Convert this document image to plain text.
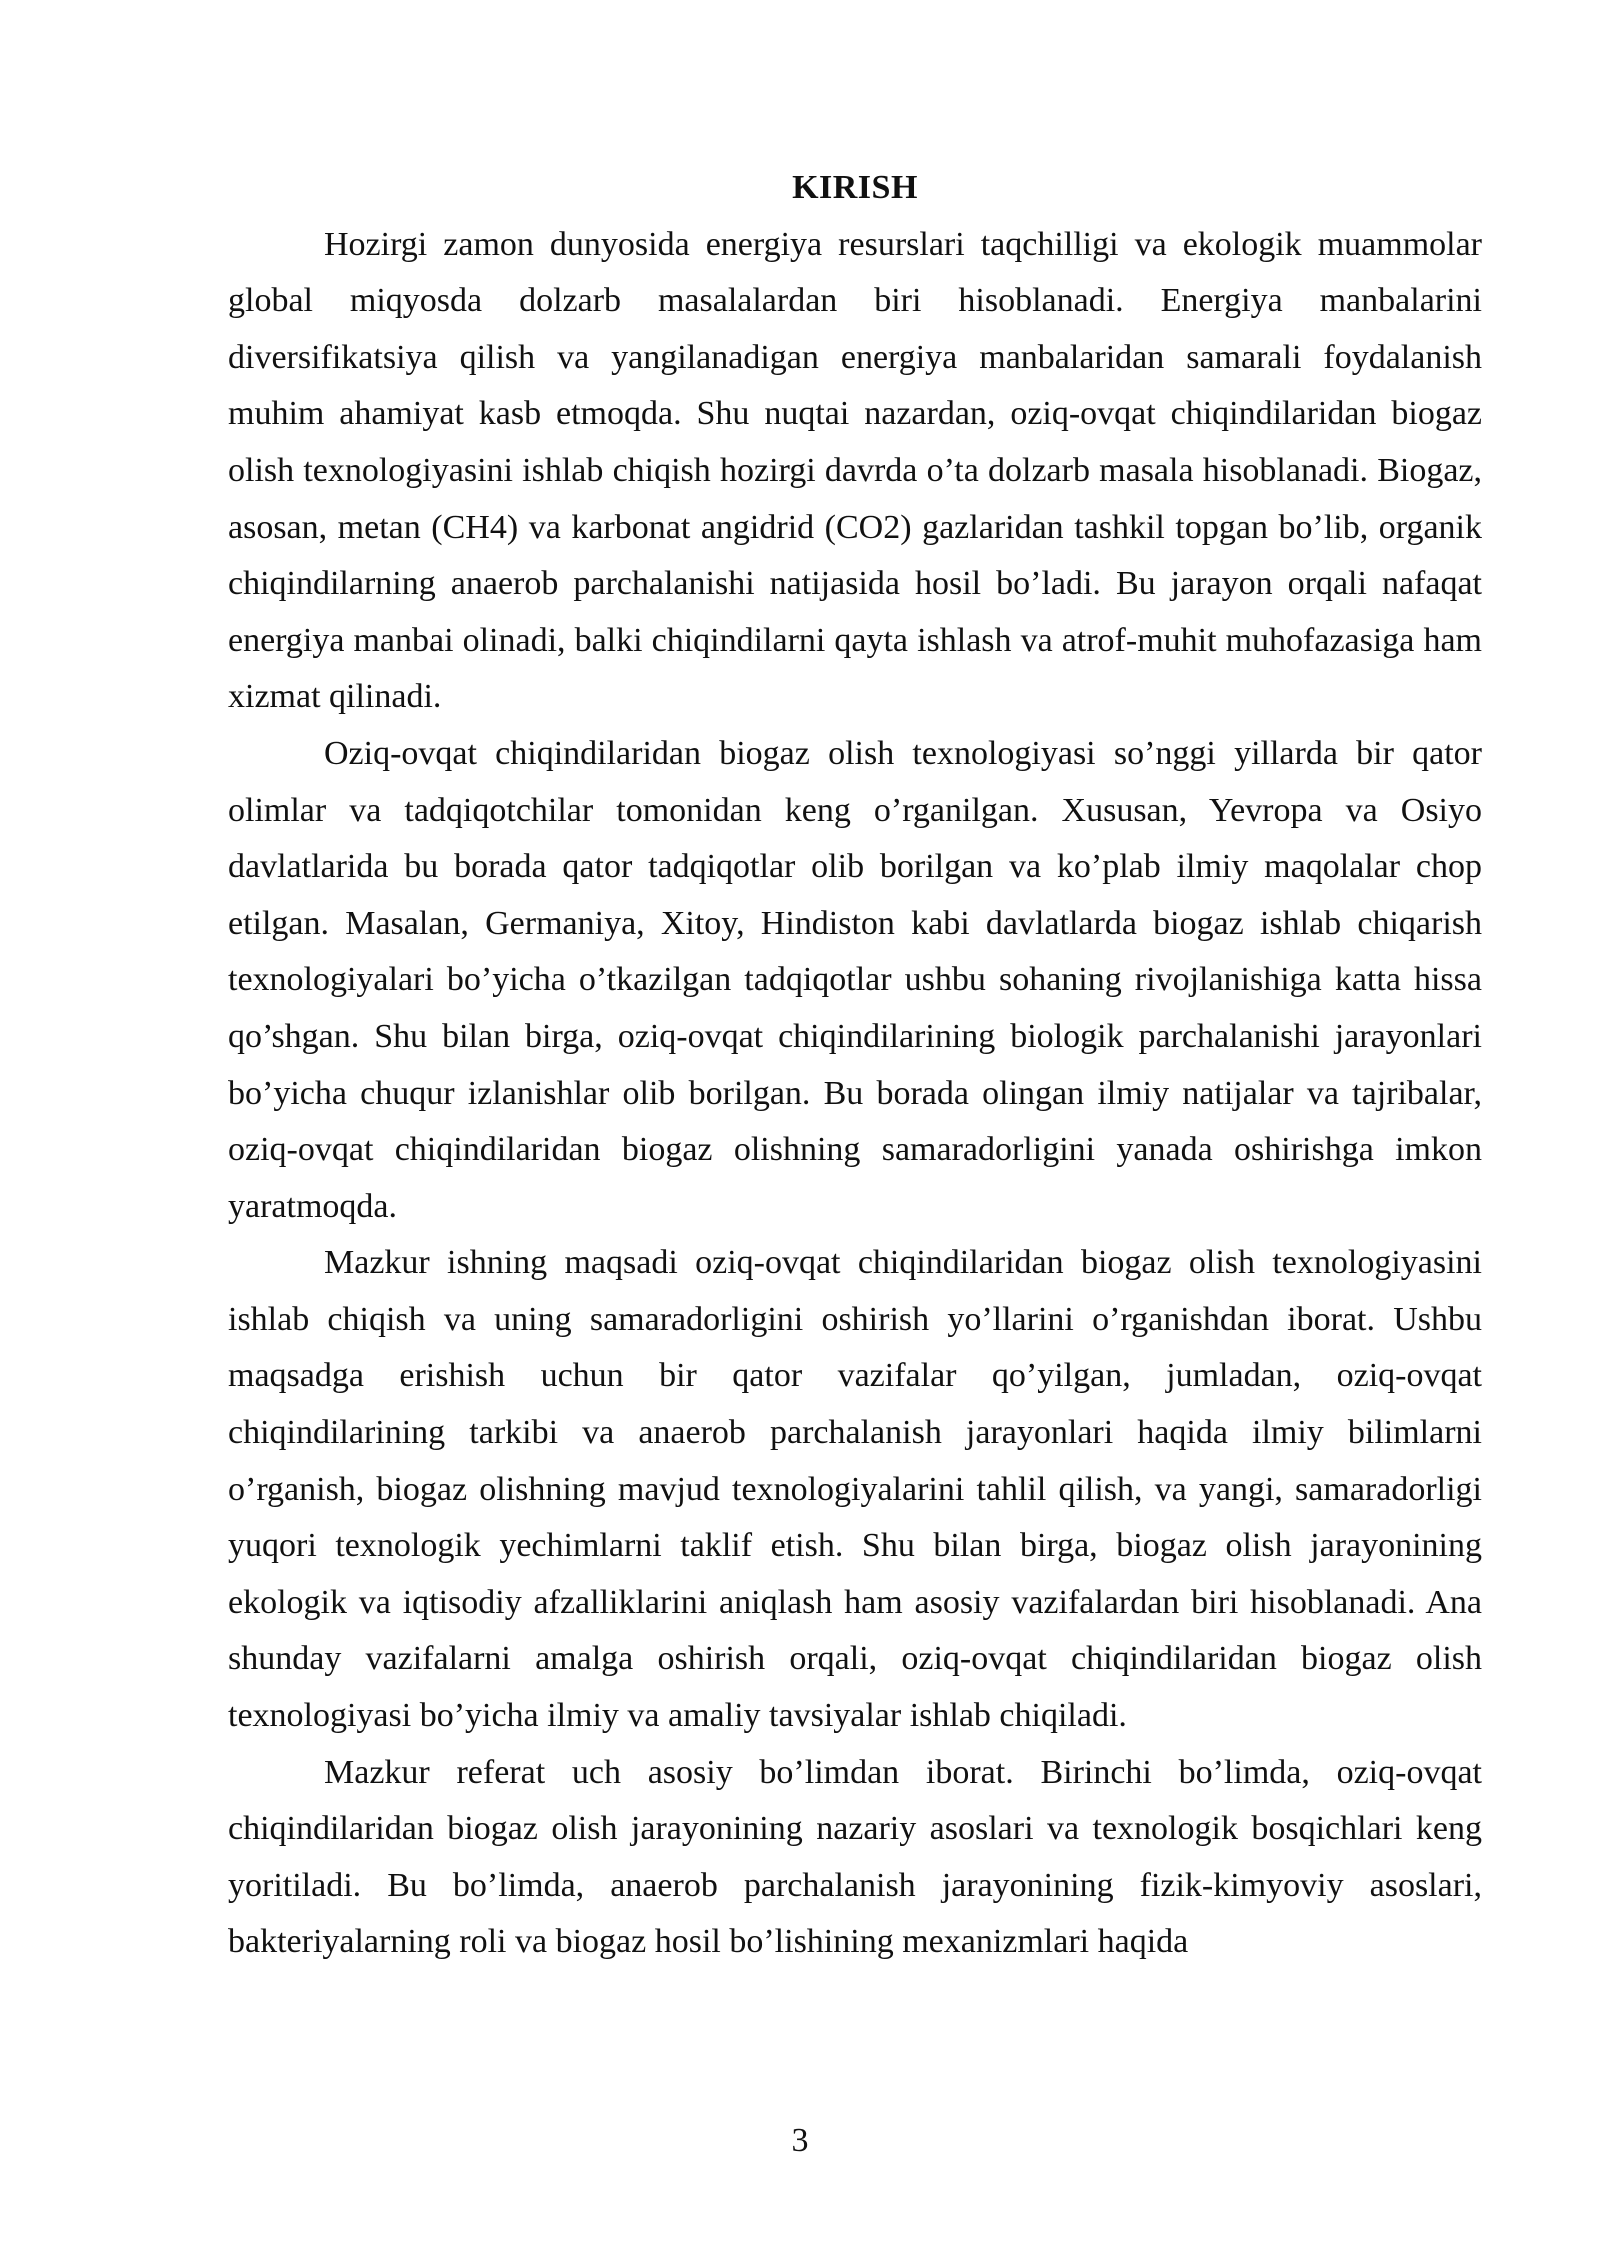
KIRISH

Hozirgi zamon dunyosida energiya resurslari taqchilligi va ekologik muammolar global miqyosda dolzarb masalalardan biri hisoblanadi. Energiya manbalarini diversifikatsiya qilish va yangilanadigan energiya manbalaridan samarali foydalanish muhim ahamiyat kasb etmoqda. Shu nuqtai nazardan, oziq-ovqat chiqindilaridan biogaz olish texnologiyasini ishlab chiqish hozirgi davrda o’ta dolzarb masala hisoblanadi. Biogaz, asosan, metan (CH4) va karbonat angidrid (CO2) gazlaridan tashkil topgan bo’lib, organik chiqindilarning anaerob parchalanishi natijasida hosil bo’ladi. Bu jarayon orqali nafaqat energiya manbai olinadi, balki chiqindilarni qayta ishlash va atrof-muhit muhofazasiga ham xizmat qilinadi.

Oziq-ovqat chiqindilaridan biogaz olish texnologiyasi so’nggi yillarda bir qator olimlar va tadqiqotchilar tomonidan keng o’rganilgan. Xususan, Yevropa va Osiyo davlatlarida bu borada qator tadqiqotlar olib borilgan va ko’plab ilmiy maqolalar chop etilgan. Masalan, Germaniya, Xitoy, Hindiston kabi davlatlarda biogaz ishlab chiqarish texnologiyalari bo’yicha o’tkazilgan tadqiqotlar ushbu sohaning rivojlanishiga katta hissa qo’shgan. Shu bilan birga, oziq-ovqat chiqindilarining biologik parchalanishi jarayonlari bo’yicha chuqur izlanishlar olib borilgan. Bu borada olingan ilmiy natijalar va tajribalar, oziq-ovqat chiqindilaridan biogaz olishning samaradorligini yanada oshirishga imkon yaratmoqda.

Mazkur ishning maqsadi oziq-ovqat chiqindilaridan biogaz olish texnologiyasini ishlab chiqish va uning samaradorligini oshirish yo’llarini o’rganishdan iborat. Ushbu maqsadga erishish uchun bir qator vazifalar qo’yilgan, jumladan, oziq-ovqat chiqindilarining tarkibi va anaerob parchalanish jarayonlari haqida ilmiy bilimlarni o’rganish, biogaz olishning mavjud texnologiyalarini tahlil qilish, va yangi, samaradorligi yuqori texnologik yechimlarni taklif etish. Shu bilan birga, biogaz olish jarayonining ekologik va iqtisodiy afzalliklarini aniqlash ham asosiy vazifalardan biri hisoblanadi. Ana shunday vazifalarni amalga oshirish orqali, oziq-ovqat chiqindilaridan biogaz olish texnologiyasi bo’yicha ilmiy va amaliy tavsiyalar ishlab chiqiladi.

Mazkur referat uch asosiy bo’limdan iborat. Birinchi bo’limda, oziq-ovqat chiqindilaridan biogaz olish jarayonining nazariy asoslari va texnologik bosqichlari keng yoritiladi. Bu bo’limda, anaerob parchalanish jarayonining fizik-kimyoviy asoslari, bakteriyalarning roli va biogaz hosil bo’lishining mexanizmlari haqida

3
